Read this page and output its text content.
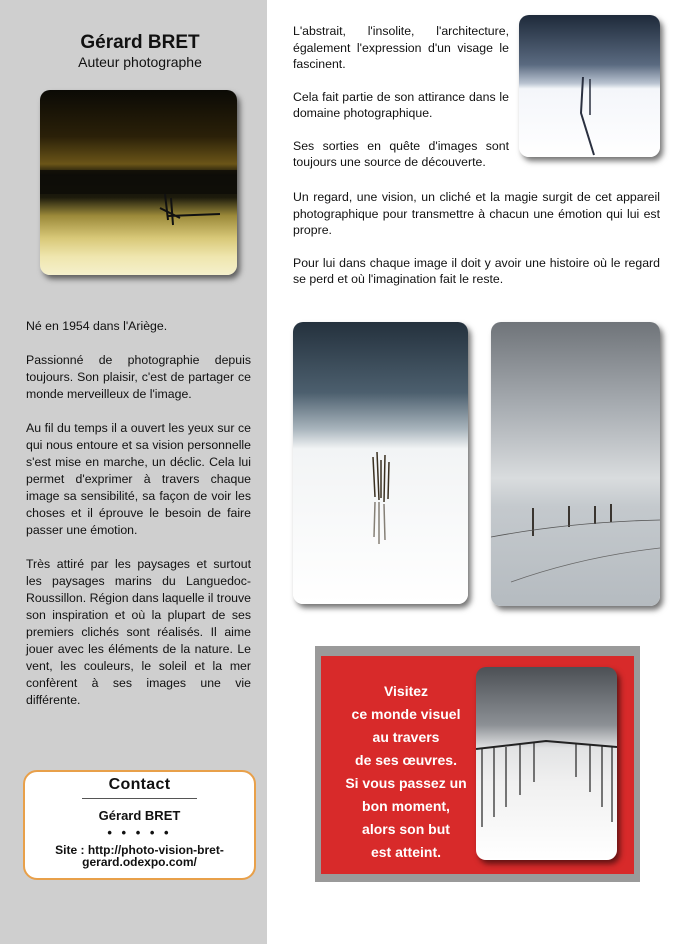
Gérard BRET
Auteur photographe

Né en 1954 dans l'Ariège.

Passionné de photographie depuis toujours. Son plaisir, c'est de partager ce monde merveilleux de l'image.

Au fil du temps il a ouvert les yeux sur ce qui nous entoure et sa vision personnelle s'est mise en marche, un déclic. Cela lui permet d'exprimer à travers chaque image sa sensibilité, sa façon de voir les choses et il éprouve le besoin de faire passer une émotion.

Très attiré par les paysages et surtout les paysages marins du Languedoc-Roussillon. Région dans laquelle il trouve son inspiration et où la plupart de ses premiers clichés sont réalisés. Il aime jouer avec les éléments de la nature. Le vent, les couleurs, le soleil et la mer confèrent à ses images une vie différente.

Contact
Gérard BRET
• • • • •
Site : http://photo-vision-bret-gerard.odexpo.com/

L'abstrait, l'insolite, l'architecture, également l'expression d'un visage le fascinent.

Cela fait partie de son attirance dans le domaine photographique.

Ses sorties en quête d'images sont toujours une source de découverte.

Un regard, une vision, un cliché et la magie surgit de cet appareil photographique pour transmettre à chacun une émotion qui lui est propre.

Pour lui dans chaque image il doit y avoir une histoire où le regard se perd et où l'imagination fait le reste.

Visitez
ce monde visuel
au travers
de ses œuvres.
Si vous passez un
bon moment,
alors son but
est atteint.
